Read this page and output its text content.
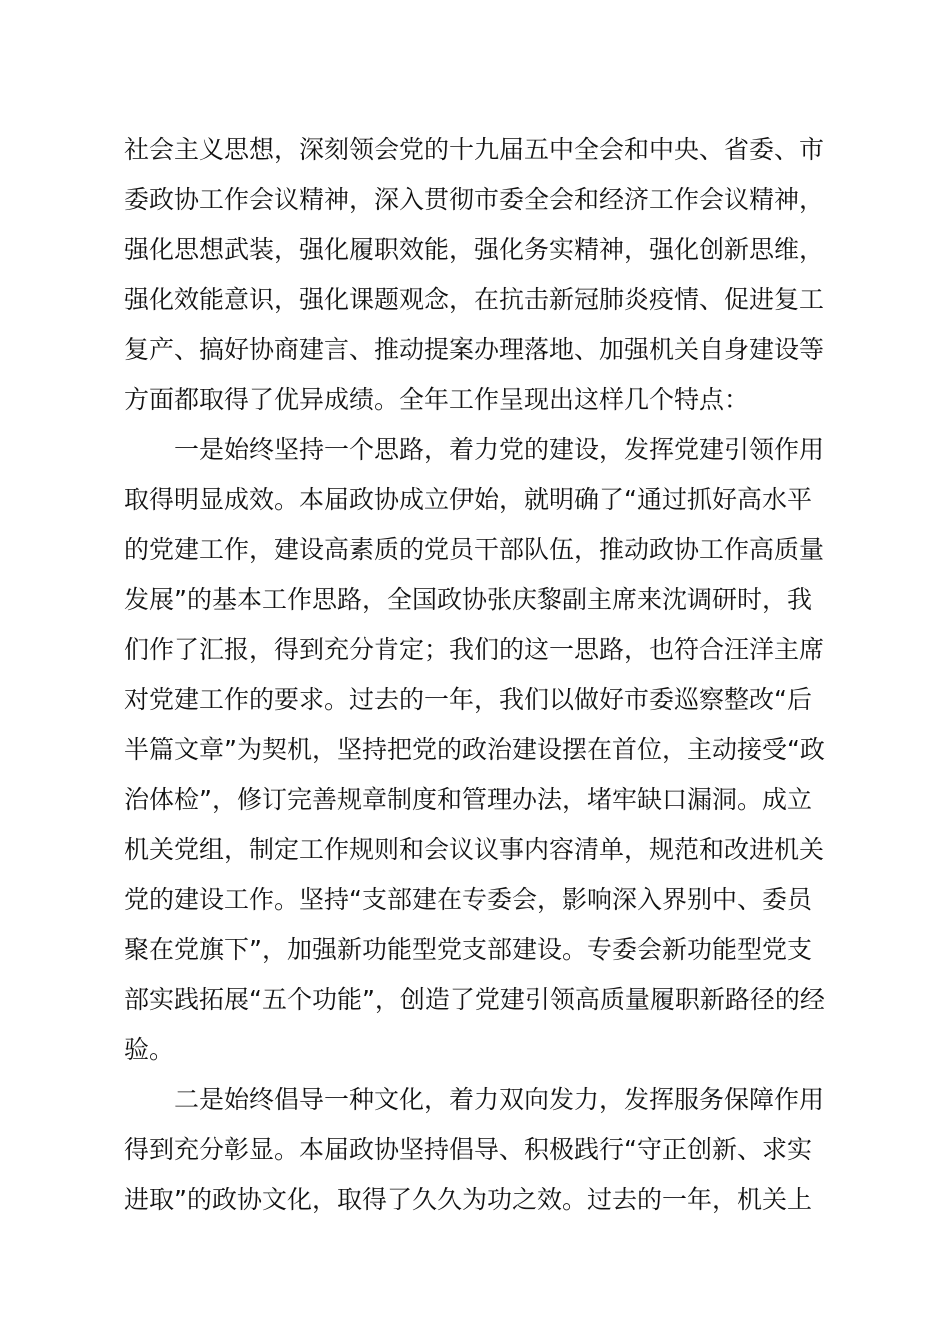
社会主义思想，深刻领会党的十九届五中全会和中央、省委、市
委政协工作会议精神，深入贯彻市委全会和经济工作会议精神，
强化思想武装，强化履职效能，强化务实精神，强化创新思维，
强化效能意识，强化课题观念，在抗击新冠肺炎疫情、促进复工
复产、搞好协商建言、推动提案办理落地、加强机关自身建设等
方面都取得了优异成绩。全年工作呈现出这样几个特点：
一是始终坚持一个思路，着力党的建设，发挥党建引领作用
取得明显成效。本届政协成立伊始，就明确了“通过抓好高水平
的党建工作，建设高素质的党员干部队伍，推动政协工作高质量
发展”的基本工作思路，全国政协张庆黎副主席来沈调研时，我
们作了汇报，得到充分肯定；我们的这一思路，也符合汪洋主席
对党建工作的要求。过去的一年，我们以做好市委巡察整改“后
半篇文章”为契机，坚持把党的政治建设摆在首位，主动接受“政
治体检”，修订完善规章制度和管理办法，堵牢缺口漏洞。成立
机关党组，制定工作规则和会议议事内容清单，规范和改进机关
党的建设工作。坚持“支部建在专委会，影响深入界别中、委员
聚在党旗下”，加强新功能型党支部建设。专委会新功能型党支
部实践拓展“五个功能”，创造了党建引领高质量履职新路径的经
验。
二是始终倡导一种文化，着力双向发力，发挥服务保障作用
得到充分彰显。本届政协坚持倡导、积极践行“守正创新、求实
进取”的政协文化，取得了久久为功之效。过去的一年，机关上
